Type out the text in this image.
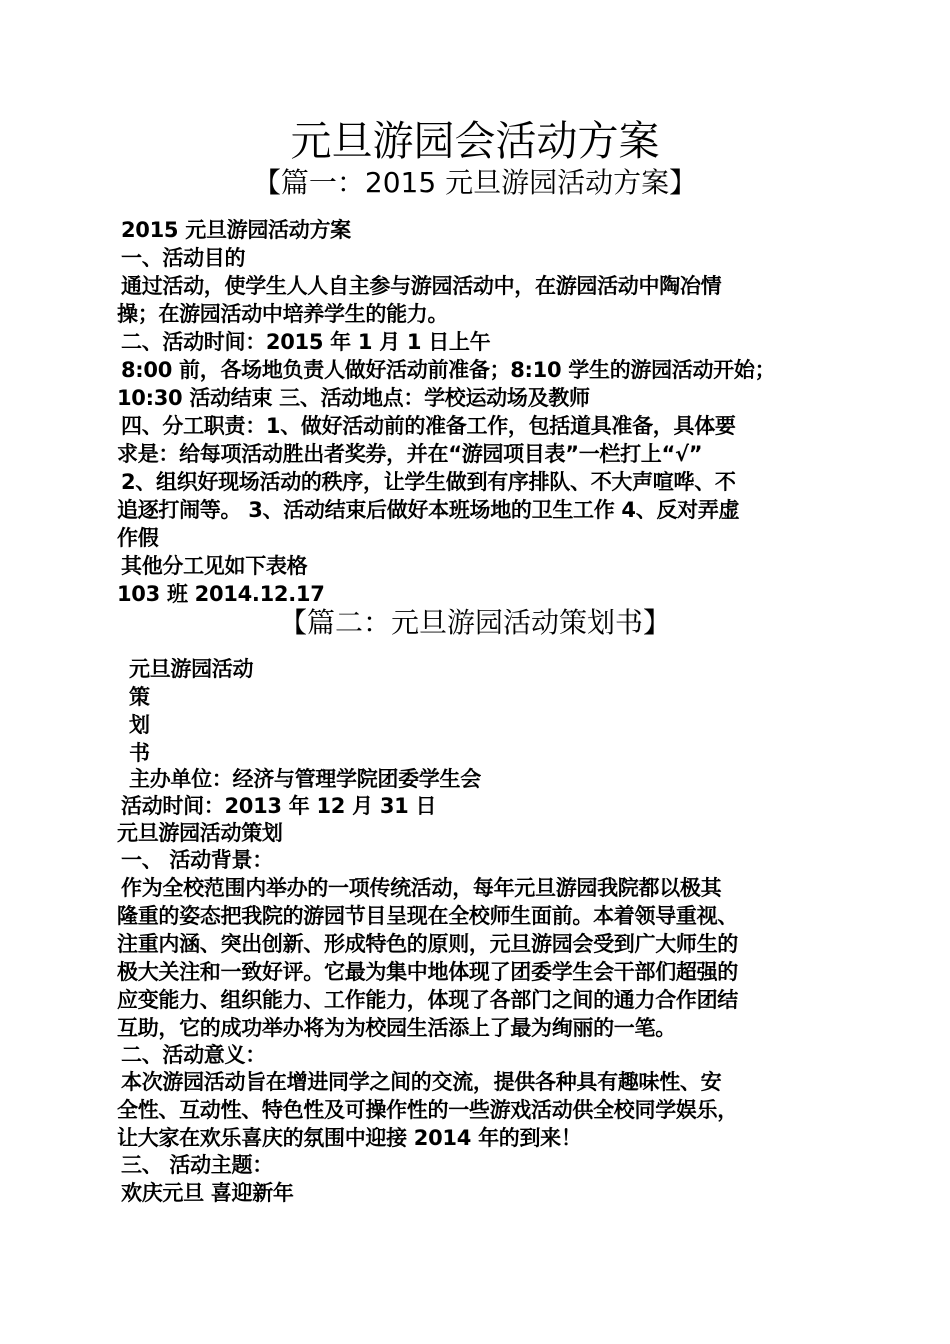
元旦游园会活动方案
【篇一：2015 元旦游园活动方案】
2015 元旦游园活动方案
一、活动目的
通过活动，使学生人人自主参与游园活动中，在游园活动中陶冶情
操；在游园活动中培养学生的能力。
二、活动时间：2015 年 1 月 1 日上午
8:00 前，各场地负责人做好活动前准备；8:10 学生的游园活动开始；
10:30 活动结束 三、活动地点：学校运动场及教师
四、分工职责：1、做好活动前的准备工作，包括道具准备，具体要
求是：给每项活动胜出者奖券，并在“游园项目表”一栏打上“√”
2、组织好现场活动的秩序，让学生做到有序排队、不大声喧哗、不
追逐打闹等。 3、活动结束后做好本班场地的卫生工作 4、反对弄虚
作假
其他分工见如下表格
103 班 2014.12.17
【篇二：元旦游园活动策划书】
元旦游园活动
策
划
书
主办单位：经济与管理学院团委学生会
活动时间：2013 年 12 月 31 日
元旦游园活动策划
一、 活动背景：
作为全校范围内举办的一项传统活动，每年元旦游园我院都以极其
隆重的姿态把我院的游园节目呈现在全校师生面前。本着领导重视、
注重内涵、突出创新、形成特色的原则，元旦游园会受到广大师生的
极大关注和一致好评。它最为集中地体现了团委学生会干部们超强的
应变能力、组织能力、工作能力，体现了各部门之间的通力合作团结
互助，它的成功举办将为为校园生活添上了最为绚丽的一笔。
二、活动意义：
本次游园活动旨在增进同学之间的交流，提供各种具有趣味性、安
全性、互动性、特色性及可操作性的一些游戏活动供全校同学娱乐，
让大家在欢乐喜庆的氛围中迎接 2014 年的到来！
三、 活动主题：
欢庆元旦 喜迎新年
